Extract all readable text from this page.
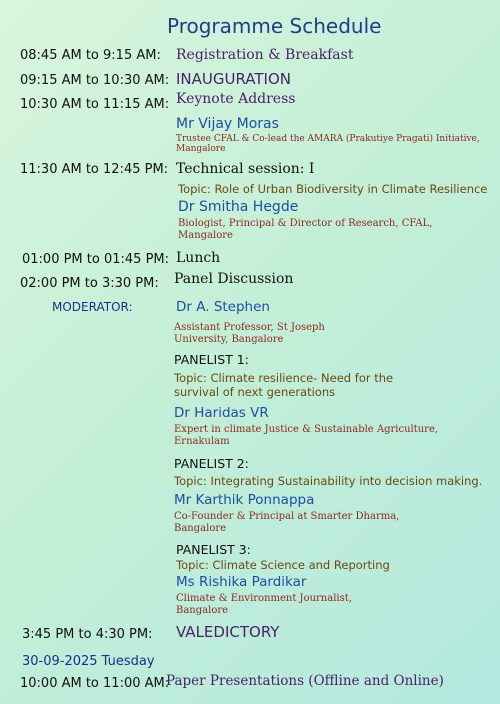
Programme Schedule
08:45 AM to 9:15 AM: Registration & Breakfast
09:15 AM to 10:30 AM: INAUGURATION
10:30 AM to 11:15 AM: Keynote Address
Mr Vijay Moras
Trustee CFAL & Co-lead the AMARA (Prakutiye Pragati) Initiative, Mangalore
11:30 AM to 12:45 PM: Technical session: I
Topic: Role of Urban Biodiversity in Climate Resilience
Dr Smitha Hegde
Biologist, Principal & Director of Research, CFAL, Mangalore
01:00 PM to 01:45 PM: Lunch
02:00 PM to 3:30 PM: Panel Discussion
MODERATOR:	Dr A. Stephen
Assistant Professor, St Joseph University, Bangalore
PANELIST 1:
Topic: Climate resilience- Need for the survival of next generations
Dr Haridas VR
Expert in climate Justice & Sustainable Agriculture, Ernakulam
PANELIST 2:
Topic: Integrating Sustainability into decision making.
Mr Karthik Ponnappa
Co-Founder & Principal at Smarter Dharma, Bangalore
PANELIST 3:
Topic: Climate Science and Reporting
Ms Rishika Pardikar
Climate & Environment Journalist, Bangalore
3:45 PM to 4:30 PM: VALEDICTORY
30-09-2025 Tuesday
10:00 AM to 11:00 AM:
Paper Presentations (Offline and Online)
